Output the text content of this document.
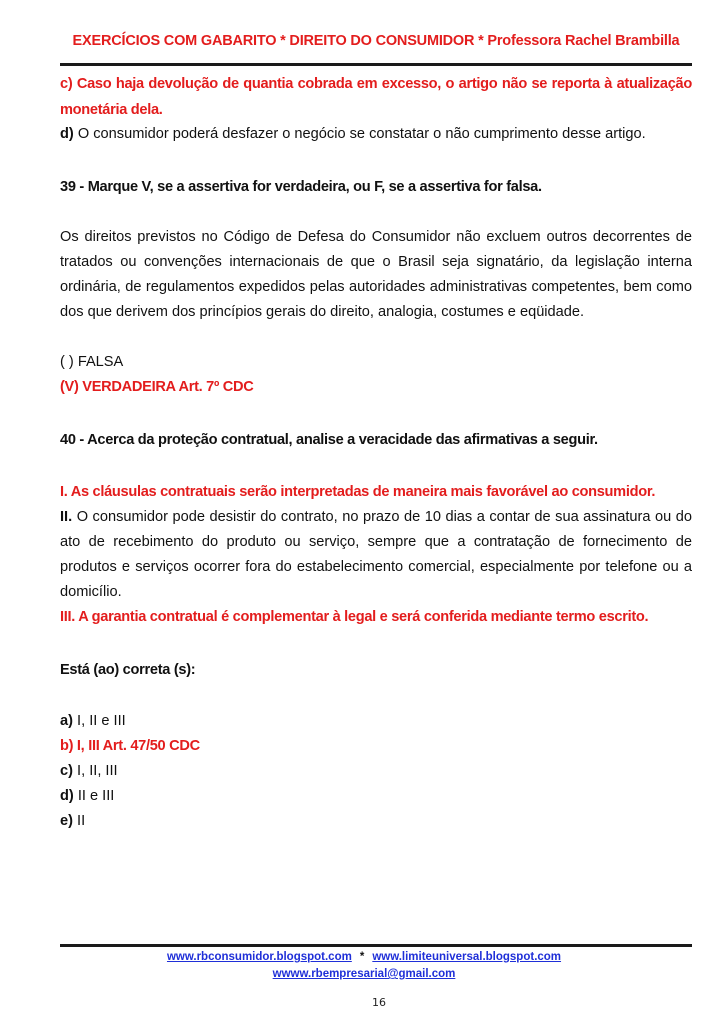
EXERCÍCIOS COM GABARITO * DIREITO DO CONSUMIDOR * Professora Rachel Brambilla
c) Caso haja devolução de quantia cobrada em excesso, o artigo não se reporta à atualização
monetária dela.
d) O consumidor poderá desfazer o negócio se constatar o não cumprimento desse artigo.
39 - Marque V, se a assertiva for verdadeira, ou F, se a assertiva for falsa.
Os direitos previstos no Código de Defesa do Consumidor não excluem outros decorrentes de
tratados ou convenções internacionais de que o Brasil seja signatário, da legislação interna
ordinária, de regulamentos expedidos pelas autoridades administrativas competentes, bem como
dos que derivem dos princípios gerais do direito, analogia, costumes e eqüidade.
( ) FALSA
(V) VERDADEIRA Art. 7º CDC
40 - Acerca da proteção contratual, analise a veracidade das afirmativas a seguir.
I. As cláusulas contratuais serão interpretadas de maneira mais favorável ao consumidor.
II. O consumidor pode desistir do contrato, no prazo de 10 dias a contar de sua assinatura ou do
ato de recebimento do produto ou serviço, sempre que a contratação de fornecimento de
produtos e serviços ocorrer fora do estabelecimento comercial, especialmente por telefone ou a
domicílio.
III. A garantia contratual é complementar à legal e será conferida mediante termo escrito.
Está (ao) correta (s):
a) I, II e III
b) I, III Art. 47/50 CDC
c) I, II, III
d) II e III
e) II
www.rbconsumidor.blogspot.com * www.limiteuniversal.blogspot.com
wwww.rbempresarial@gmail.com
16
